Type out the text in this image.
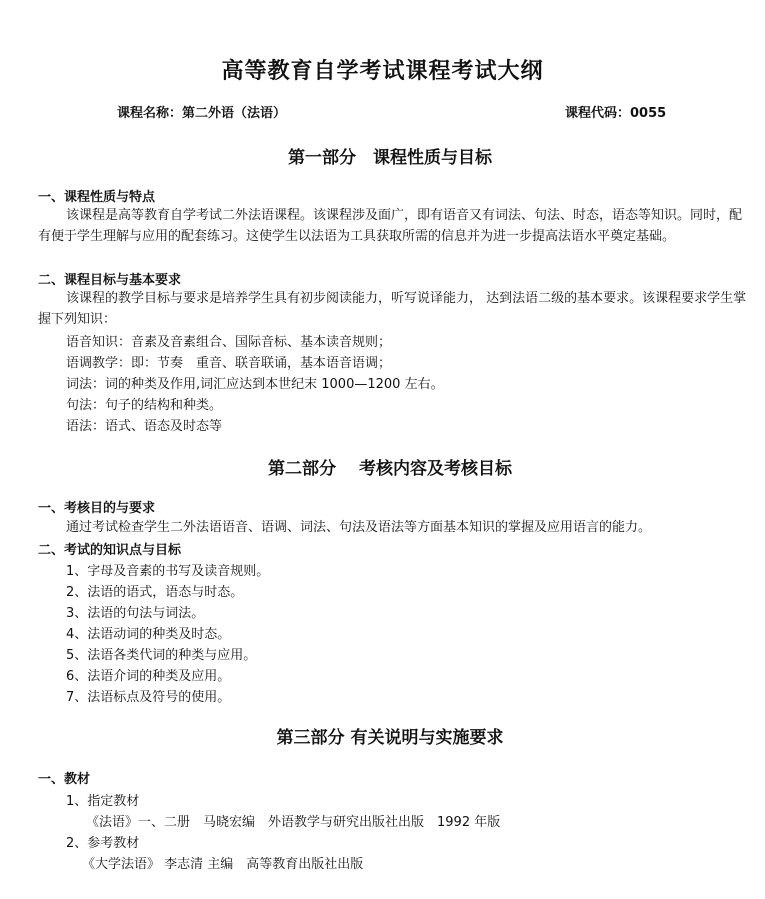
高等教育自学考试课程考试大纲
课程名称：第二外语（法语）	课程代码：0055
第一部分　课程性质与目标
一、课程性质与特点
该课程是高等教育自学考试二外法语课程。该课程涉及面广，即有语音又有词法、句法、时态，语态等知识。同时，配有便于学生理解与应用的配套练习。这使学生以法语为工具获取所需的信息并为进一步提高法语水平奠定基础。
二、课程目标与基本要求
该课程的教学目标与要求是培养学生具有初步阅读能力，听写说译能力， 达到法语二级的基本要求。该课程要求学生掌握下列知识：
语音知识：音素及音素组合、国际音标、基本读音规则；
语调教学：即：节奏　重音、联音联诵，基本语音语调；
词法：词的种类及作用,词汇应达到本世纪末 1000—1200 左右。
句法：句子的结构和种类。
语法：语式、语态及时态等
第二部分　 考核内容及考核目标
一、考核目的与要求
通过考试检查学生二外法语语音、语调、词法、句法及语法等方面基本知识的掌握及应用语言的能力。
二、考试的知识点与目标
1、字母及音素的书写及读音规则。
2、法语的语式，语态与时态。
3、法语的句法与词法。
4、法语动词的种类及时态。
5、法语各类代词的种类与应用。
6、法语介词的种类及应用。
7、法语标点及符号的使用。
第三部分 有关说明与实施要求
一、教材
1、指定教材
《法语》一、二册　马晓宏编　外语教学与研究出版社出版　1992 年版
2、参考教材
《大学法语》 李志清 主编　高等教育出版社出版
